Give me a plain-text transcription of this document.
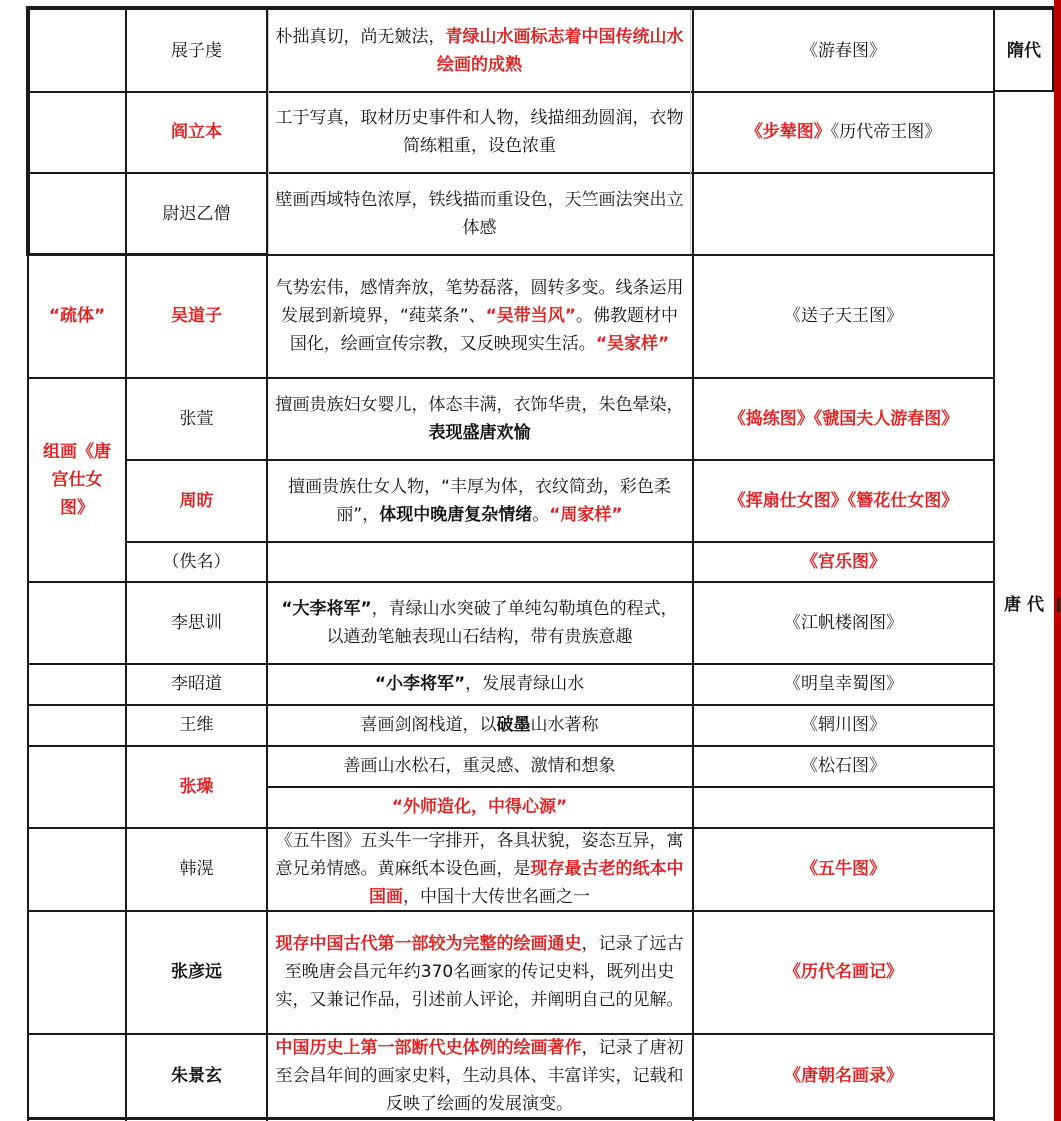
“疏体”
组画《唐宫仕女图》
展子虔
阎立本
尉迟乙僧
吴道子
张萱
周昉
（佚名）
李思训
李昭道
王维
张璪
韩滉
张彦远
朱景玄
朴拙真切，尚无皴法，青绿山水画标志着中国传统山水绘画的成熟
工于写真，取材历史事件和人物，线描细劲圆润，衣物简练粗重，设色浓重
壁画西域特色浓厚，铁线描而重设色，天竺画法突出立体感
气势宏伟，感情奔放，笔势磊落，圆转多变。线条运用发展到新境界，“莼菜条”、“吴带当风”。佛教题材中国化，绘画宣传宗教，又反映现实生活。“吴家样”
擅画贵族妇女婴儿，体态丰满，衣饰华贵，朱色晕染，表现盛唐欢愉
擅画贵族仕女人物，“丰厚为体，衣纹简劲，彩色柔丽”，体现中晚唐复杂情绪。“周家样”
“大李将军”，青绿山水突破了单纯勾勒填色的程式，以遒劲笔触表现山石结构，带有贵族意趣
“小李将军”，发展青绿山水
喜画剑阁栈道，以破墨山水著称
善画山水松石，重灵感、激情和想象
“外师造化，中得心源”
《五牛图》五头牛一字排开，各具状貌，姿态互异，寓意兄弟情感。黄麻纸本设色画，是现存最古老的纸本中国画，中国十大传世名画之一
现存中国古代第一部较为完整的绘画通史，记录了远古至晚唐会昌元年约370名画家的传记史料，既列出史实，又兼记作品，引述前人评论，并阐明自己的见解。
中国历史上第一部断代史体例的绘画著作，记录了唐初至会昌年间的画家史料，生动具体、丰富详实，记载和反映了绘画的发展演变。
《游春图》
《步辇图》《历代帝王图》
《送子天王图》
《捣练图》《虢国夫人游春图》
《挥扇仕女图》《簪花仕女图》
《宫乐图》
《江帆楼阁图》
《明皇幸蜀图》
《辋川图》
《松石图》
《五牛图》
《历代名画记》
《唐朝名画录》
隋代
唐 代
